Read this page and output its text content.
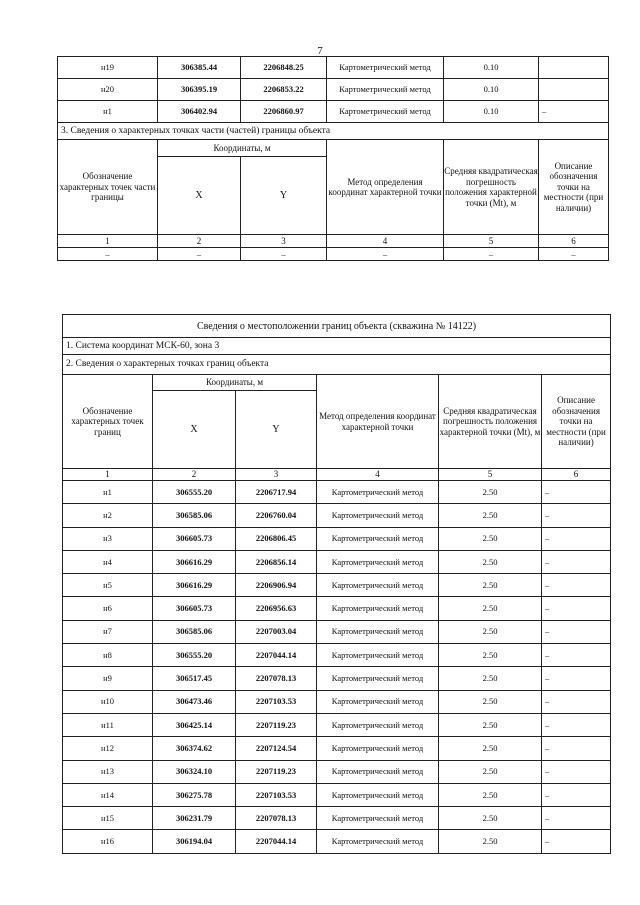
7
н19	306385.44	2206848.25	Картометрический метод	0.10	
н20	306395.19	2206853.22	Картометрический метод	0.10	
н1	306402.94	2206860.97	Картометрический метод	0.10	–
3. Сведения о характерных точках части (частей) границы объекта					
Обозначение характерных точек части границы	Координаты, м		Метод определения координат характерной точки	Средняя квадратическая погрешность положения характерной точки (Мt), м	Описание обозначения точки на местности (при наличии)
	X	Y			
1	2	3	4	5	6
–	–	–	–	–	–
Сведения о местоположении границ объекта (скважина № 14122)					
1. Система координат МСК-60, зона 3					
2. Сведения о характерных точках границ объекта					
Обозначение характерных точек границ	Координаты, м		Метод определения координат характерной точки	Средняя квадратическая погрешность положения характерной точки (Мt), м	Описание обозначения точки на местности (при наличии)
	X	Y			
1	2	3	4	5	6
н1	306555.20	2206717.94	Картометрический метод	2.50	–
н2	306585.06	2206760.04	Картометрический метод	2.50	–
н3	306605.73	2206806.45	Картометрический метод	2.50	–
н4	306616.29	2206856.14	Картометрический метод	2.50	–
н5	306616.29	2206906.94	Картометрический метод	2.50	–
н6	306605.73	2206956.63	Картометрический метод	2.50	–
н7	306585.06	2207003.04	Картометрический метод	2.50	–
н8	306555.20	2207044.14	Картометрический метод	2.50	–
н9	306517.45	2207078.13	Картометрический метод	2.50	–
н10	306473.46	2207103.53	Картометрический метод	2.50	–
н11	306425.14	2207119.23	Картометрический метод	2.50	–
н12	306374.62	2207124.54	Картометрический метод	2.50	–
н13	306324.10	2207119.23	Картометрический метод	2.50	–
н14	306275.78	2207103.53	Картометрический метод	2.50	–
н15	306231.79	2207078.13	Картометрический метод	2.50	–
н16	306194.04	2207044.14	Картометрический метод	2.50	–
